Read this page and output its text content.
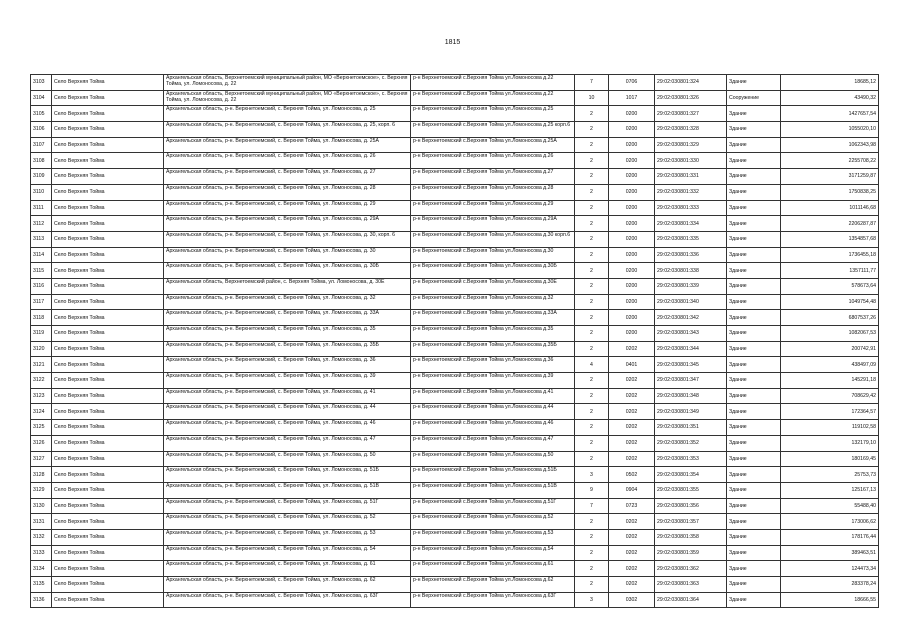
1815
3103	Село Верхняя Тойма	Архангельская область, Верхнетоемский муниципальный район, МО «Верхнетоемское», с. Верхняя Тойма, ул. Ломоносова, д. 22	р-н Верхнетоемский с.Верхняя Тойма ул.Ломоносова д.22	7	0706	29:02:030801:324	Здание	18685,12
3104	Село Верхняя Тойма	Архангельская область, Верхнетоемский муниципальный район, МО «Верхнетоемское», с. Верхняя Тойма, ул. Ломоносова, д. 22	р-н Верхнетоемский с.Верхняя Тойма ул.Ломоносова д.22	10	1017	29:02:030801:326	Сооружение	43490,32
3105	Село Верхняя Тойма	Архангельская область, р-н. Верхнетоемский, с. Верхняя Тойма, ул. Ломоносова, д. 25	р-н Верхнетоемский с.Верхняя Тойма ул.Ломоносова д.25	2	0200	29:02:030801:327	Здание	1427657,54
3106	Село Верхняя Тойма	Архангельская область, р-н. Верхнетоемский, с. Верхняя Тойма, ул. Ломоносова, д. 25, корп. 6	р-н Верхнетоемский с.Верхняя Тойма ул.Ломоносова д.25 корп.6	2	0200	29:02:030801:328	Здание	1055020,10
3107	Село Верхняя Тойма	Архангельская область, р-н. Верхнетоемский, с. Верхняя Тойма, ул. Ломоносова, д. 25А	р-н Верхнетоемский с.Верхняя Тойма ул.Ломоносова д.25А	2	0200	29:02:030801:329	Здание	1062343,98
3108	Село Верхняя Тойма	Архангельская область, р-н. Верхнетоемский, с. Верхняя Тойма, ул. Ломоносова, д. 26	р-н Верхнетоемский с.Верхняя Тойма ул.Ломоносова д.26	2	0200	29:02:030801:330	Здание	2255708,22
3109	Село Верхняя Тойма	Архангельская область, р-н. Верхнетоемский, с. Верхняя Тойма, ул. Ломоносова, д. 27	р-н Верхнетоемский с.Верхняя Тойма ул.Ломоносова д.27	2	0200	29:02:030801:331	Здание	3171259,87
3110	Село Верхняя Тойма	Архангельская область, р-н. Верхнетоемский, с. Верхняя Тойма, ул. Ломоносова, д. 28	р-н Верхнетоемский с.Верхняя Тойма ул.Ломоносова д.28	2	0200	29:02:030801:332	Здание	1750838,25
3111	Село Верхняя Тойма	Архангельская область, р-н. Верхнетоемский, с. Верхняя Тойма, ул. Ломоносова, д. 29	р-н Верхнетоемский с.Верхняя Тойма ул.Ломоносова д.29	2	0200	29:02:030801:333	Здание	1011146,68
3112	Село Верхняя Тойма	Архангельская область, р-н. Верхнетоемский, с. Верхняя Тойма, ул. Ломоносова, д. 29А	р-н Верхнетоемский с.Верхняя Тойма ул.Ломоносова д.29А	2	0200	29:02:030801:334	Здание	2206287,87
3113	Село Верхняя Тойма	Архангельская область, р-н. Верхнетоемский, с. Верхняя Тойма, ул. Ломоносова, д. 30, корп. 6	р-н Верхнетоемский с.Верхняя Тойма ул.Ломоносова д.30 корп.6	2	0200	29:02:030801:335	Здание	1354857,68
3114	Село Верхняя Тойма	Архангельская область, р-н. Верхнетоемский, с. Верхняя Тойма, ул. Ломоносова, д. 30	р-н Верхнетоемский с.Верхняя Тойма ул.Ломоносова д.30	2	0200	29:02:030801:336	Здание	1736455,18
3115	Село Верхняя Тойма	Архангельская область, р-н. Верхнетоемский, с. Верхняя Тойма, ул. Ломоносова, д. 30Б	р-н Верхнетоемский с.Верхняя Тойма ул.Ломоносова д.30Б	2	0200	29:02:030801:338	Здание	1357111,77
3116	Село Верхняя Тойма	Архангельская область, Верхнетоемский район, с. Верхняя Тойма, ул. Ломоносова, д. 30Е	р-н Верхнетоемский с.Верхняя Тойма ул.Ломоносова д.30Е	2	0200	29:02:030801:339	Здание	578673,64
3117	Село Верхняя Тойма	Архангельская область, р-н. Верхнетоемский, с. Верхняя Тойма, ул. Ломоносова, д. 32	р-н Верхнетоемский с.Верхняя Тойма ул.Ломоносова д.32	2	0200	29:02:030801:340	Здание	1049754,48
3118	Село Верхняя Тойма	Архангельская область, р-н. Верхнетоемский, с. Верхняя Тойма, ул. Ломоносова, д. 33А	р-н Верхнетоемский с.Верхняя Тойма ул.Ломоносова д.33А	2	0200	29:02:030801:342	Здание	6807537,26
3119	Село Верхняя Тойма	Архангельская область, р-н. Верхнетоемский, с. Верхняя Тойма, ул. Ломоносова, д. 35	р-н Верхнетоемский с.Верхняя Тойма ул.Ломоносова д.35	2	0200	29:02:030801:343	Здание	1082067,53
3120	Село Верхняя Тойма	Архангельская область, р-н. Верхнетоемский, с. Верхняя Тойма, ул. Ломоносова, д. 35Б	р-н Верхнетоемский с.Верхняя Тойма ул.Ломоносова д.35Б	2	0202	29:02:030801:344	Здание	200742,91
3121	Село Верхняя Тойма	Архангельская область, р-н. Верхнетоемский, с. Верхняя Тойма, ул. Ломоносова, д. 36	р-н Верхнетоемский с.Верхняя Тойма ул.Ломоносова д.36	4	0401	29:02:030801:345	Здание	438497,09
3122	Село Верхняя Тойма	Архангельская область, р-н. Верхнетоемский, с. Верхняя Тойма, ул. Ломоносова, д. 39	р-н Верхнетоемский с.Верхняя Тойма ул.Ломоносова д.39	2	0202	29:02:030801:347	Здание	145291,18
3123	Село Верхняя Тойма	Архангельская область, р-н. Верхнетоемский, с. Верхняя Тойма, ул. Ломоносова, д. 41	р-н Верхнетоемский с.Верхняя Тойма ул.Ломоносова д.41	2	0202	29:02:030801:348	Здание	708629,42
3124	Село Верхняя Тойма	Архангельская область, р-н. Верхнетоемский, с. Верхняя Тойма, ул. Ломоносова, д. 44	р-н Верхнетоемский с.Верхняя Тойма ул.Ломоносова д.44	2	0202	29:02:030801:349	Здание	172364,57
3125	Село Верхняя Тойма	Архангельская область, р-н. Верхнетоемский, с. Верхняя Тойма, ул. Ломоносова, д. 46	р-н Верхнетоемский с.Верхняя Тойма ул.Ломоносова д.46	2	0202	29:02:030801:351	Здание	119102,58
3126	Село Верхняя Тойма	Архангельская область, р-н. Верхнетоемский, с. Верхняя Тойма, ул. Ломоносова, д. 47	р-н Верхнетоемский с.Верхняя Тойма ул.Ломоносова д.47	2	0202	29:02:030801:352	Здание	132179,10
3127	Село Верхняя Тойма	Архангельская область, р-н. Верхнетоемский, с. Верхняя Тойма, ул. Ломоносова, д. 50	р-н Верхнетоемский с.Верхняя Тойма ул.Ломоносова д.50	2	0202	29:02:030801:353	Здание	180169,45
3128	Село Верхняя Тойма	Архангельская область, р-н. Верхнетоемский, с. Верхняя Тойма, ул. Ломоносова, д. 51Б	р-н Верхнетоемский с.Верхняя Тойма ул.Ломоносова д.51Б	3	0502	29:02:030801:354	Здание	25753,73
3129	Село Верхняя Тойма	Архангельская область, р-н. Верхнетоемский, с. Верхняя Тойма, ул. Ломоносова, д. 51В	р-н Верхнетоемский с.Верхняя Тойма ул.Ломоносова д.51В	9	0904	29:02:030801:355	Здание	125167,13
3130	Село Верхняя Тойма	Архангельская область, р-н. Верхнетоемский, с. Верхняя Тойма, ул. Ломоносова, д. 51Г	р-н Верхнетоемский с.Верхняя Тойма ул.Ломоносова д.51Г	7	0723	29:02:030801:356	Здание	55488,40
3131	Село Верхняя Тойма	Архангельская область, р-н. Верхнетоемский, с. Верхняя Тойма, ул. Ломоносова, д. 52	р-н Верхнетоемский с.Верхняя Тойма ул.Ломоносова д.52	2	0202	29:02:030801:357	Здание	173006,62
3132	Село Верхняя Тойма	Архангельская область, р-н. Верхнетоемский, с. Верхняя Тойма, ул. Ломоносова, д. 53	р-н Верхнетоемский с.Верхняя Тойма ул.Ломоносова д.53	2	0202	29:02:030801:358	Здание	178176,44
3133	Село Верхняя Тойма	Архангельская область, р-н. Верхнетоемский, с. Верхняя Тойма, ул. Ломоносова, д. 54	р-н Верхнетоемский с.Верхняя Тойма ул.Ломоносова д.54	2	0202	29:02:030801:359	Здание	389463,51
3134	Село Верхняя Тойма	Архангельская область, р-н. Верхнетоемский, с. Верхняя Тойма, ул. Ломоносова, д. 61	р-н Верхнетоемский с.Верхняя Тойма ул.Ломоносова д.61	2	0202	29:02:030801:362	Здание	124473,34
3135	Село Верхняя Тойма	Архангельская область, р-н. Верхнетоемский, с. Верхняя Тойма, ул. Ломоносова, д. 62	р-н Верхнетоемский с.Верхняя Тойма ул.Ломоносова д.62	2	0202	29:02:030801:363	Здание	283378,24
3136	Село Верхняя Тойма	Архангельская область, р-н. Верхнетоемский, с. Верхняя Тойма, ул. Ломоносова, д. 63Г	р-н Верхнетоемский с.Верхняя Тойма ул.Ломоносова д.63Г	3	0302	29:02:030801:364	Здание	18666,55
